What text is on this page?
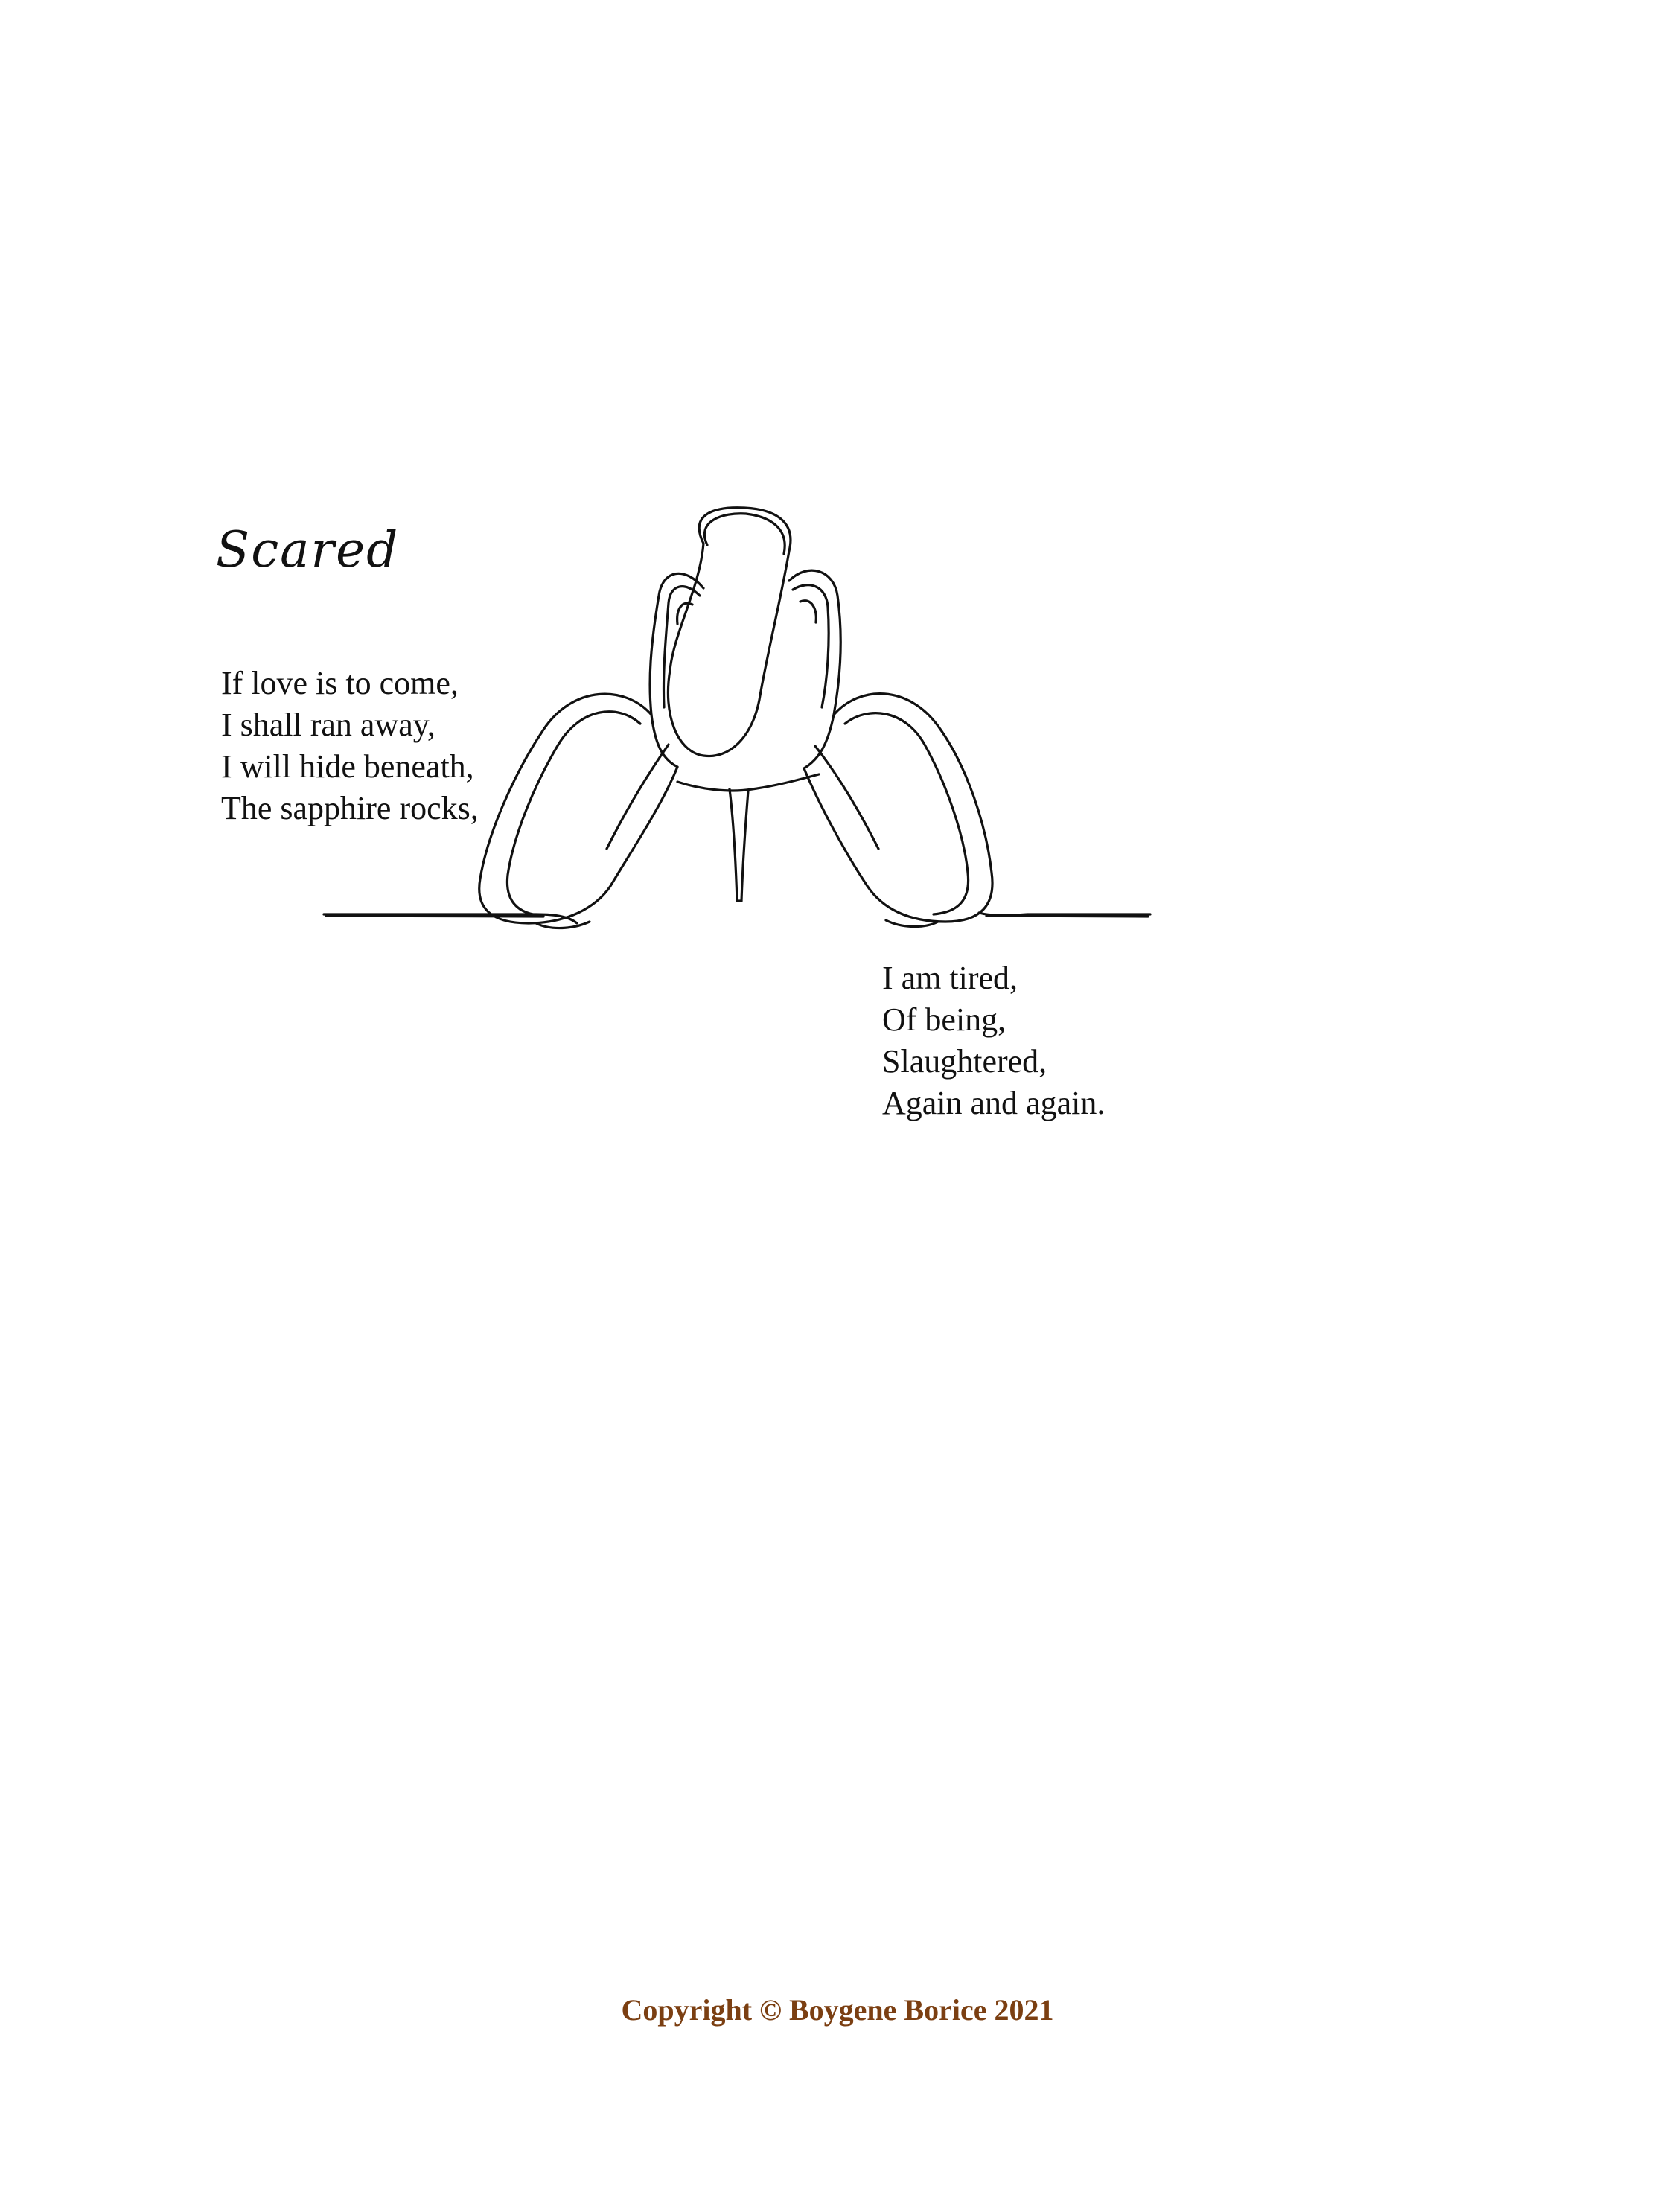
Scared
If love is to come,
I shall ran away,
I will hide beneath,
The sapphire rocks,
I am tired,
Of being,
Slaughtered,
Again and again.
Copyright © Boygene Borice 2021
